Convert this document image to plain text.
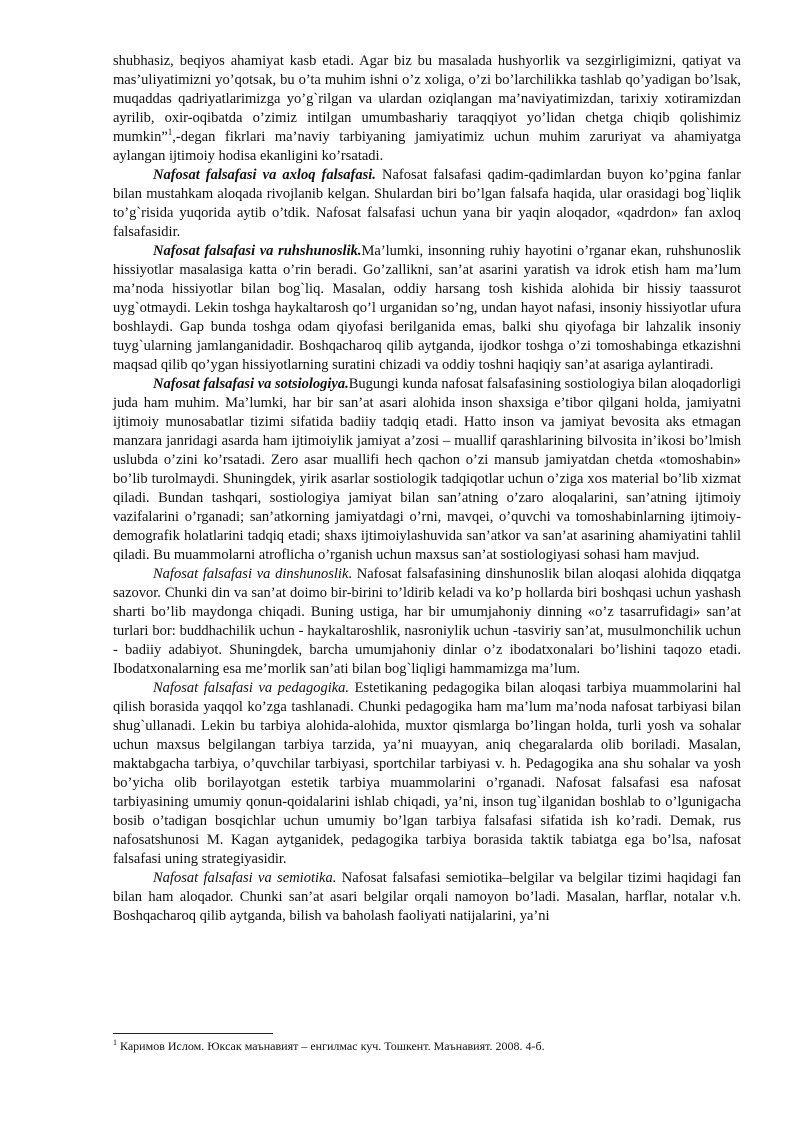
shubhasiz, beqiyos ahamiyat kasb etadi. Agar biz bu masalada hushyorlik va sezgirligimizni, qatiyat va mas’uliyatimizni yo’qotsak, bu o’ta muhim ishni o’z xoliga, o’zi bo’larchilikka tashlab qo’yadigan bo’lsak, muqaddas qadriyatlarimizga yo’g`rilgan va ulardan oziqlangan ma’naviyatimizdan, tarixiy xotiramizdan ayrilib, oxir-oqibatda o’zimiz intilgan umumbashariy taraqqiyot yo’lidan chetga chiqib qolishimiz mumkin”$^1$,-degan fikrlari ma’naviy tarbiyaning jamiyatimiz uchun muhim zaruriyat va ahamiyatga aylangan ijtimoiy hodisa ekanligini ko’rsatadi.

Nafosat falsafasi va axloq falsafasi. Nafosat falsafasi qadim-qadimlardan buyon ko’pgina fanlar bilan mustahkam aloqada rivojlanib kelgan. Shulardan biri bo’lgan falsafa haqida, ular orasidagi bog`liqlik to’g`risida yuqorida aytib o’tdik. Nafosat falsafasi uchun yana bir yaqin aloqador, «qadrdon» fan axloq falsafasidir.

Nafosat falsafasi va ruhshunoslik.Ma’lumki, insonning ruhiy hayotini o’rganar ekan, ruhshunoslik hissiyotlar masalasiga katta o’rin beradi. Go’zallikni, san’at asarini yaratish va idrok etish ham ma’lum ma’noda hissiyotlar bilan bog`liq. Masalan, oddiy harsang tosh kishida alohida bir hissiy taassurot uyg`otmaydi. Lekin toshga haykaltarosh qo’l urganidan so’ng, undan hayot nafasi, insoniy hissiyotlar ufura boshlaydi. Gap bunda toshga odam qiyofasi berilganida emas, balki shu qiyofaga bir lahzalik insoniy tuyg`ularning jamlanganidadir. Boshqacharoq qilib aytganda, ijodkor toshga o’zi tomoshabinga etkazishni maqsad qilib qo’ygan hissiyotlarning suratini chizadi va oddiy toshni haqiqiy san’at asariga aylantiradi.

Nafosat falsafasi va sotsiologiya.Bugungi kunda nafosat falsafasining sostiologiya bilan aloqadorligi juda ham muhim. Ma’lumki, har bir san’at asari alohida inson shaxsiga e’tibor qilgani holda, jamiyatni ijtimoiy munosabatlar tizimi sifatida badiiy tadqiq etadi. Hatto inson va jamiyat bevosita aks etmagan manzara janridagi asarda ham ijtimoiylik jamiyat a’zosi – muallif qarashlarining bilvosita in’ikosi bo’lmish uslubda o’zini ko’rsatadi. Zero asar muallifi hech qachon o’zi mansub jamiyatdan chetda «tomoshabin» bo’lib turolmaydi. Shuningdek, yirik asarlar sostiologik tadqiqotlar uchun o’ziga xos material bo’lib xizmat qiladi. Bundan tashqari, sostiologiya jamiyat bilan san’atning o’zaro aloqalarini, san’atning ijtimoiy vazifalarini o’rganadi; san’atkorning jamiyatdagi o’rni, mavqei, o’quvchi va tomoshabinlarning ijtimoiy-demografik holatlarini tadqiq etadi; shaxs ijtimoiylashuvida san’atkor va san’at asarining ahamiyatini tahlil qiladi. Bu muammolarni atroflicha o’rganish uchun maxsus san’at sostiologiyasi sohasi ham mavjud.

Nafosat falsafasi va dinshunoslik. Nafosat falsafasining dinshunoslik bilan aloqasi alohida diqqatga sazovor. Chunki din va san’at doimo bir-birini to’ldirib keladi va ko’p hollarda biri boshqasi uchun yashash sharti bo’lib maydonga chiqadi. Buning ustiga, har bir umumjahoniy dinning «o’z tasarrufidagi» san’at turlari bor: buddhachilik uchun - haykaltaroshlik, nasroniylik uchun -tasviriy san’at, musulmonchilik uchun - badiiy adabiyot. Shuningdek, barcha umumjahoniy dinlar o’z ibodatxonalari bo’lishini taqozo etadi. Ibodatxonalarning esa me’morlik san’ati bilan bog`liqligi hammamizga ma’lum.

Nafosat falsafasi va pedagogika. Estetikaning pedagogika bilan aloqasi tarbiya muammolarini hal qilish borasida yaqqol ko’zga tashlanadi. Chunki pedagogika ham ma’lum ma’noda nafosat tarbiyasi bilan shug`ullanadi. Lekin bu tarbiya alohida-alohida, muxtor qismlarga bo’lingan holda, turli yosh va sohalar uchun maxsus belgilangan tarbiya tarzida, ya’ni muayyan, aniq chegaralarda olib boriladi. Masalan, maktabgacha tarbiya, o’quvchilar tarbiyasi, sportchilar tarbiyasi v. h. Pedagogika ana shu sohalar va yosh bo’yicha olib borilayotgan estetik tarbiya muammolarini o’rganadi. Nafosat falsafasi esa nafosat tarbiyasining umumiy qonun-qoidalarini ishlab chiqadi, ya’ni, inson tug`ilganidan boshlab to o’lgunigacha bosib o’tadigan bosqichlar uchun umumiy bo’lgan tarbiya falsafasi sifatida ish ko’radi. Demak, rus nafosatshunosi M. Kagan aytganidek, pedagogika tarbiya borasida taktik tabiatga ega bo’lsa, nafosat falsafasi uning strategiyasidir.

Nafosat falsafasi va semiotika. Nafosat falsafasi semiotika–belgilar va belgilar tizimi haqidagi fan bilan ham aloqador. Chunki san’at asari belgilar orqali namoyon bo’ladi. Masalan, harflar, notalar v.h. Boshqacharoq qilib aytganda, bilish va baholash faoliyati natijalarini, ya’ni

$^1$ Каримов Ислом. Юксак маънавият – енгилмас куч. Тошкент. Маънавият. 2008. 4-б.
